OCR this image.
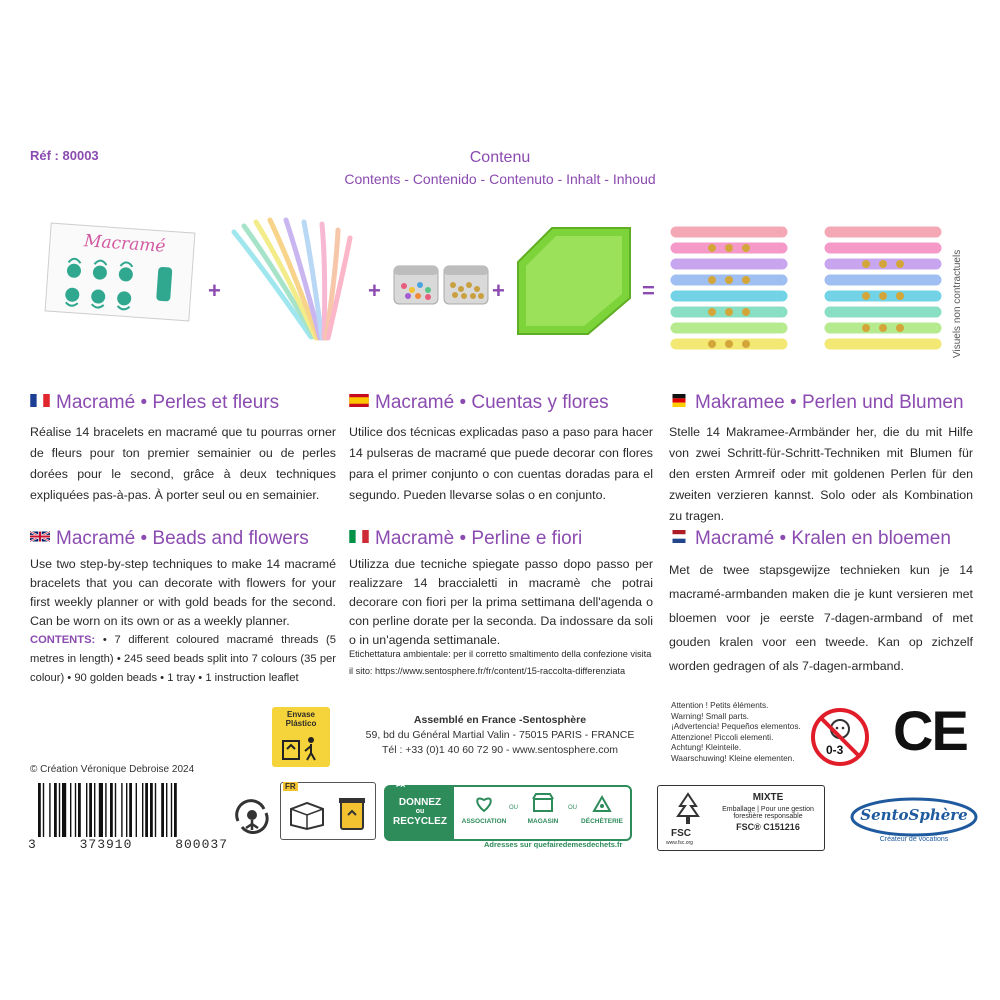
Réf : 80003	Contenu
Contents - Contenido - Contenuto - Inhalt - Inhoud
Macramé
+	+	+	=	Visuels non contractuels
Macramé • Perles et fleurs
Réalise 14 bracelets en macramé que tu pourras orner de fleurs pour ton premier semainier ou de perles dorées pour le second, grâce à deux techniques expliquées pas-à-pas. À porter seul ou en semainier.
Macramé • Cuentas y flores
Utilice dos técnicas explicadas paso a paso para hacer 14 pulseras de macramé que puede decorar con flores para el primer conjunto o con cuentas doradas para el segundo. Pueden llevarse solas o en conjunto.
Makramee • Perlen und Blumen
Stelle 14 Makramee-Armbänder her, die du mit Hilfe von zwei Schritt-für-Schritt-Techniken mit Blumen für den ersten Armreif oder mit goldenen Perlen für den zweiten verzieren kannst. Solo oder als Kombination zu tragen.
Macramé • Beads and flowers
Use two step-by-step techniques to make 14 macramé bracelets that you can decorate with flowers for your first weekly planner or with gold beads for the second. Can be worn on its own or as a weekly planner.
CONTENTS: • 7 different coloured macramé threads (5 metres in length) • 245 seed beads split into 7 colours (35 per colour) • 90 golden beads • 1 tray • 1 instruction leaflet
Macramè • Perline e fiori
Utilizza due tecniche spiegate passo dopo passo per realizzare 14 braccialetti in macramè che potrai decorare con fiori per la prima settimana dell'agenda o con perline dorate per la seconda. Da indossare da soli o in un'agenda settimanale.
Etichettatura ambientale: per il corretto smaltimento della confezione visita il sito: https://www.sentosphere.fr/fr/content/15-raccolta-differenziata
Macramé • Kralen en bloemen
Met de twee stapsgewijze technieken kun je 14 macramé-armbanden maken die je kunt versieren met bloemen voor je eerste 7-dagen-armband of met gouden kralen voor een tweede. Kan op zichzelf worden gedragen of als 7-dagen-armband.
Envase Plástico	Assemblé en France -Sentosphère
59, bd du Général Martial Valin - 75015 PARIS - FRANCE
Tél : +33 (0)1 40 60 72 90 - www.sentosphere.com
Attention ! Petits éléments.
Warning! Small parts.
¡Advertencia! Pequeños elementos.
Attenzione! Piccoli elementi.
Achtung! Kleinteile.
Waarschuwing! Kleine elementen.
0-3 CE
© Création Véronique Debroise 2024
3	373910	800037
FR
DONNEZ
ou
RECYCLEZ	ASSOCIATION
OU
MAGASIN
OU
DÉCHÈTERIE
Adresses sur quefairedemesdechets.fr
FSC
www.fsc.org
MIXTE
Emballage | Pour une gestion
forestière responsable
FSC® C151216
SentoSphère
Créateur de vocations
